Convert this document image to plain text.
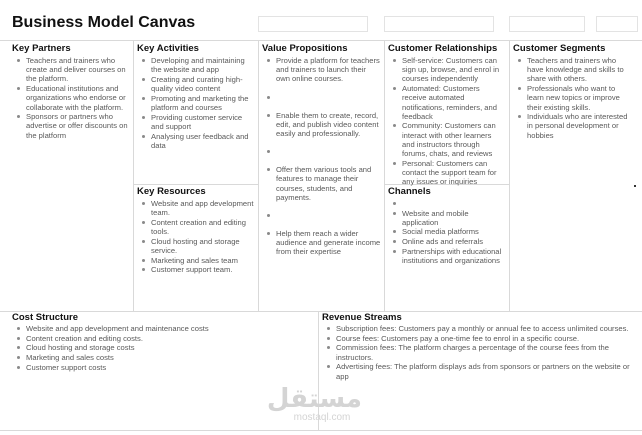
Business Model Canvas
Key Partners
Teachers and trainers who create and deliver courses on the platform.
Educational institutions and organizations who endorse or collaborate with the platform.
Sponsors or partners who advertise or offer discounts on the platform
Key Activities
Developing and maintaining the website and app
Creating and curating high-quality video content
Promoting and marketing the platform and courses
Providing customer service and support
Analysing user feedback and data
Key Resources
Website and app development team.
Content creation and editing tools.
Cloud hosting and storage service.
Marketing and sales team
Customer support team.
Value Propositions
Provide a platform for teachers and trainers to launch their own online courses.
Enable them to create, record, edit, and publish video content easily and professionally.
Offer them various tools and features to manage their courses, students, and payments.
Help them reach a wider audience and generate income from their expertise
Customer Relationships
Self-service: Customers can sign up, browse, and enrol in courses independently
Automated: Customers receive automated notifications, reminders, and feedback
Community: Customers can interact with other learners and instructors through forums, chats, and reviews
Personal: Customers can contact the support team for any issues or inquiries
Channels
Website and mobile application
Social media platforms
Online ads and referrals
Partnerships with educational institutions and organizations
Customer Segments
Teachers and trainers who have knowledge and skills to share with others.
Professionals who want to learn new topics or improve their existing skills.
Individuals who are interested in personal development or hobbies
Cost Structure
Website and app development and maintenance costs
Content creation and editing costs.
Cloud hosting and storage costs
Marketing and sales costs
Customer support costs
Revenue Streams
Subscription fees: Customers pay a monthly or annual fee to access unlimited courses.
Course fees: Customers pay a one-time fee to enrol in a specific course.
Commission fees: The platform charges a percentage of the course fees from the instructors.
Advertising fees: The platform displays ads from sponsors or partners on the website or app
مستقل
mostaql.com
